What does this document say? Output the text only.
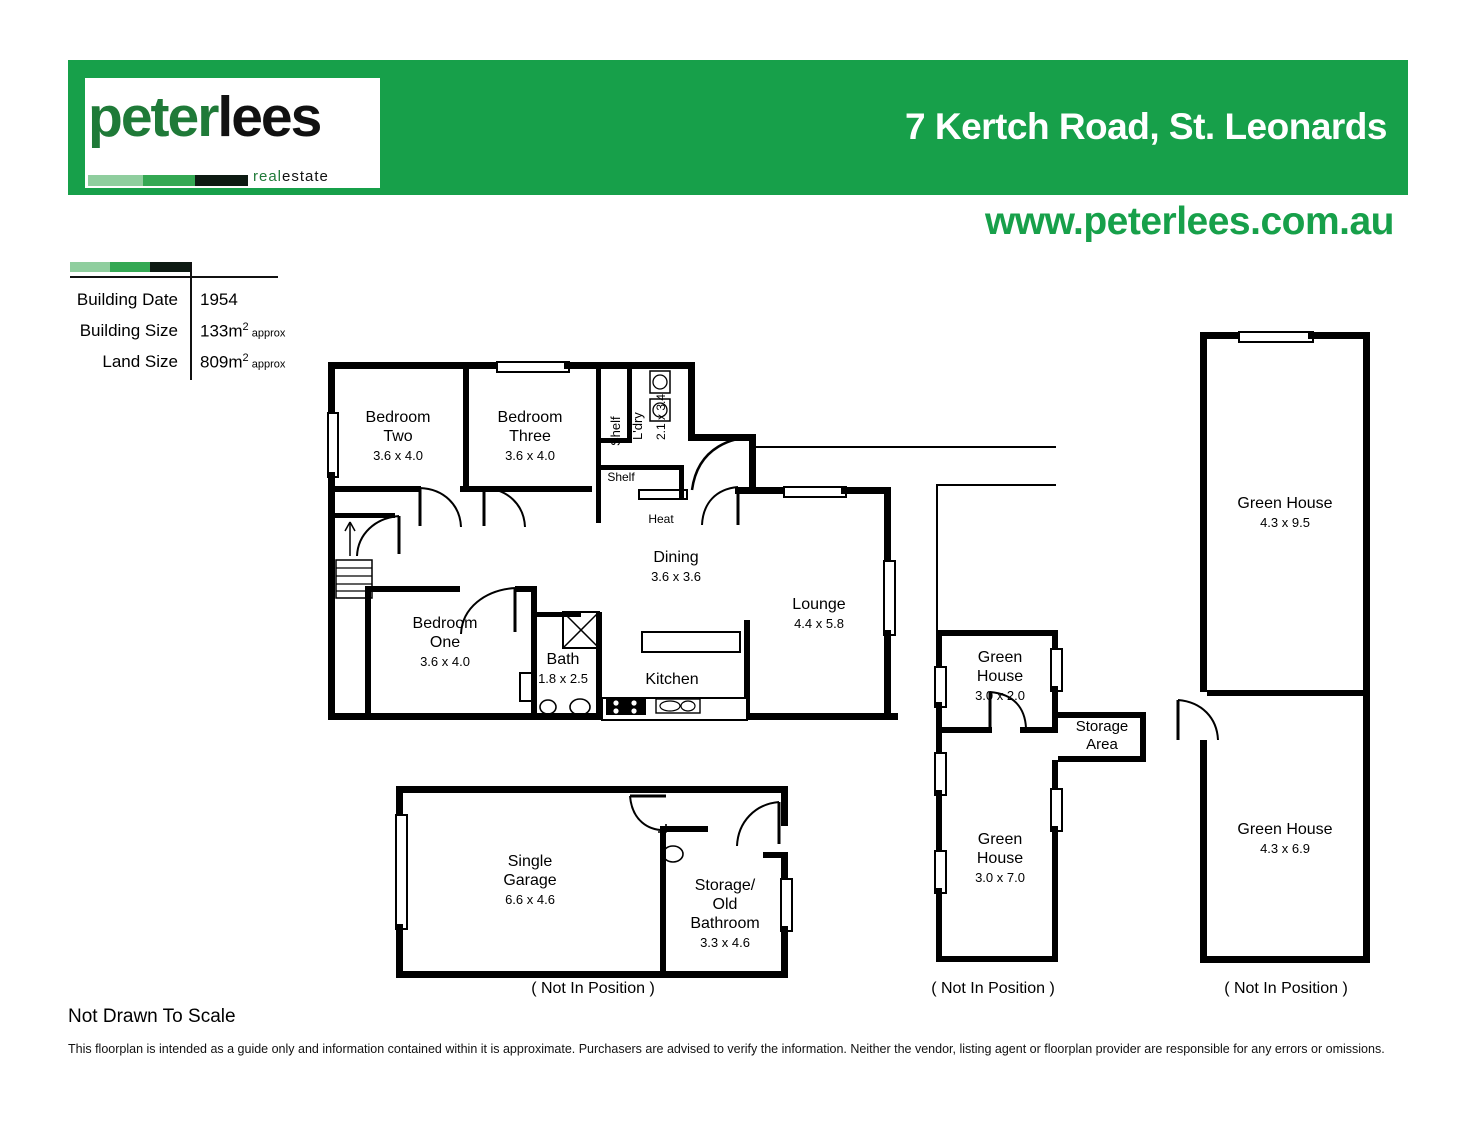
peterlees
realestate
7 Kertch Road, St. Leonards
www.peterlees.com.au
Building Date 1954
Building Size $133m^2$ approx
Land Size $809m^2$ approx
Shelf L'dry 2.1 x 3.4
Shelf
Heat
Bedroom
Two
3.6 x 4.0
Bedroom
Three
3.6 x 4.0
Bedroom
One
3.6 x 4.0
Dining
3.6 x 3.6
Lounge
4.4 x 5.8
Bath
1.8 x 2.5	Kitchen
Single
Garage
6.6 x 4.6
Storage/
Old
Bathroom
3.3 x 4.6
( Not In Position )
Green
House
3.0 x 2.0
Green
House
3.0 x 7.0
Storage
Area
( Not In Position )
Green House
4.3 x 9.5
Green House
4.3 x 6.9
( Not In Position )
Not Drawn To Scale
This floorplan is intended as a guide only and information contained within it is approximate. Purchasers are advised to verify the information. Neither the vendor, listing agent or floorplan provider are responsible for any errors or omissions.
